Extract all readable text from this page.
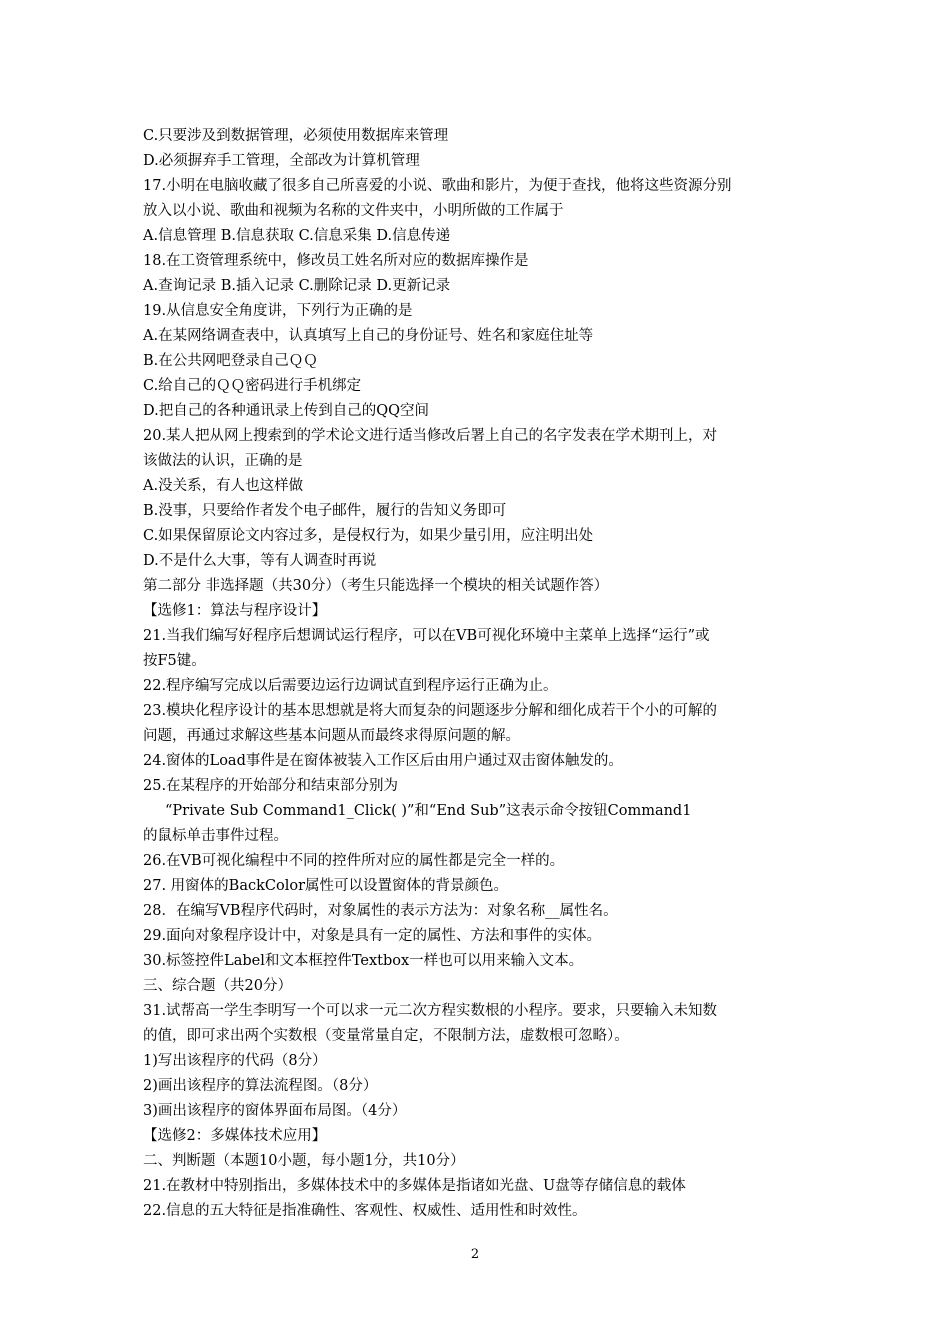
C.只要涉及到数据管理，必须使用数据库来管理
D.必须摒弃手工管理，全部改为计算机管理
17.小明在电脑收藏了很多自己所喜爱的小说、歌曲和影片，为便于查找，他将这些资源分别
放入以小说、歌曲和视频为名称的文件夹中，小明所做的工作属于
A.信息管理 B.信息获取 C.信息采集 D.信息传递
18.在工资管理系统中，修改员工姓名所对应的数据库操作是
A.查询记录 B.插入记录 C.删除记录 D.更新记录
19.从信息安全角度讲，下列行为正确的是
A.在某网络调查表中，认真填写上自己的身份证号、姓名和家庭住址等
B.在公共网吧登录自己ＱＱ
C.给自己的ＱＱ密码进行手机绑定
D.把自己的各种通讯录上传到自己的QQ空间
20.某人把从网上搜索到的学术论文进行适当修改后署上自己的名字发表在学术期刊上，对
该做法的认识，正确的是
A.没关系，有人也这样做
B.没事，只要给作者发个电子邮件，履行的告知义务即可
C.如果保留原论文内容过多，是侵权行为，如果少量引用，应注明出处
D.不是什么大事，等有人调查时再说
第二部分 非选择题（共30分）（考生只能选择一个模块的相关试题作答）
【选修1：算法与程序设计】
21.当我们编写好程序后想调试运行程序，可以在VB可视化环境中主菜单上选择“运行”或
按F5键。
22.程序编写完成以后需要边运行边调试直到程序运行正确为止。
23.模块化程序设计的基本思想就是将大而复杂的问题逐步分解和细化成若干个小的可解的
问题，再通过求解这些基本问题从而最终求得原问题的解。
24.窗体的Load事件是在窗体被装入工作区后由用户通过双击窗体触发的。
25.在某程序的开始部分和结束部分别为
“Private Sub Command1_Click( )”和“End Sub”这表示命令按钮Command1
的鼠标单击事件过程。
26.在VB可视化编程中不同的控件所对应的属性都是完全一样的。
27. 用窗体的BackColor属性可以设置窗体的背景颜色。
28．在编写VB程序代码时，对象属性的表示方法为：对象名称__属性名。
29.面向对象程序设计中，对象是具有一定的属性、方法和事件的实体。
30.标签控件Label和文本框控件Textbox一样也可以用来输入文本。
三、综合题（共20分）
31.试帮高一学生李明写一个可以求一元二次方程实数根的小程序。要求，只要输入未知数
的值，即可求出两个实数根（变量常量自定，不限制方法，虚数根可忽略）。
1)写出该程序的代码（8分）
2)画出该程序的算法流程图。（8分）
3)画出该程序的窗体界面布局图。（4分）
【选修2：多媒体技术应用】
二、判断题（本题10小题，每小题1分，共10分）
21.在教材中特别指出，多媒体技术中的多媒体是指诸如光盘、U盘等存储信息的载体
22.信息的五大特征是指准确性、客观性、权威性、适用性和时效性。
2
